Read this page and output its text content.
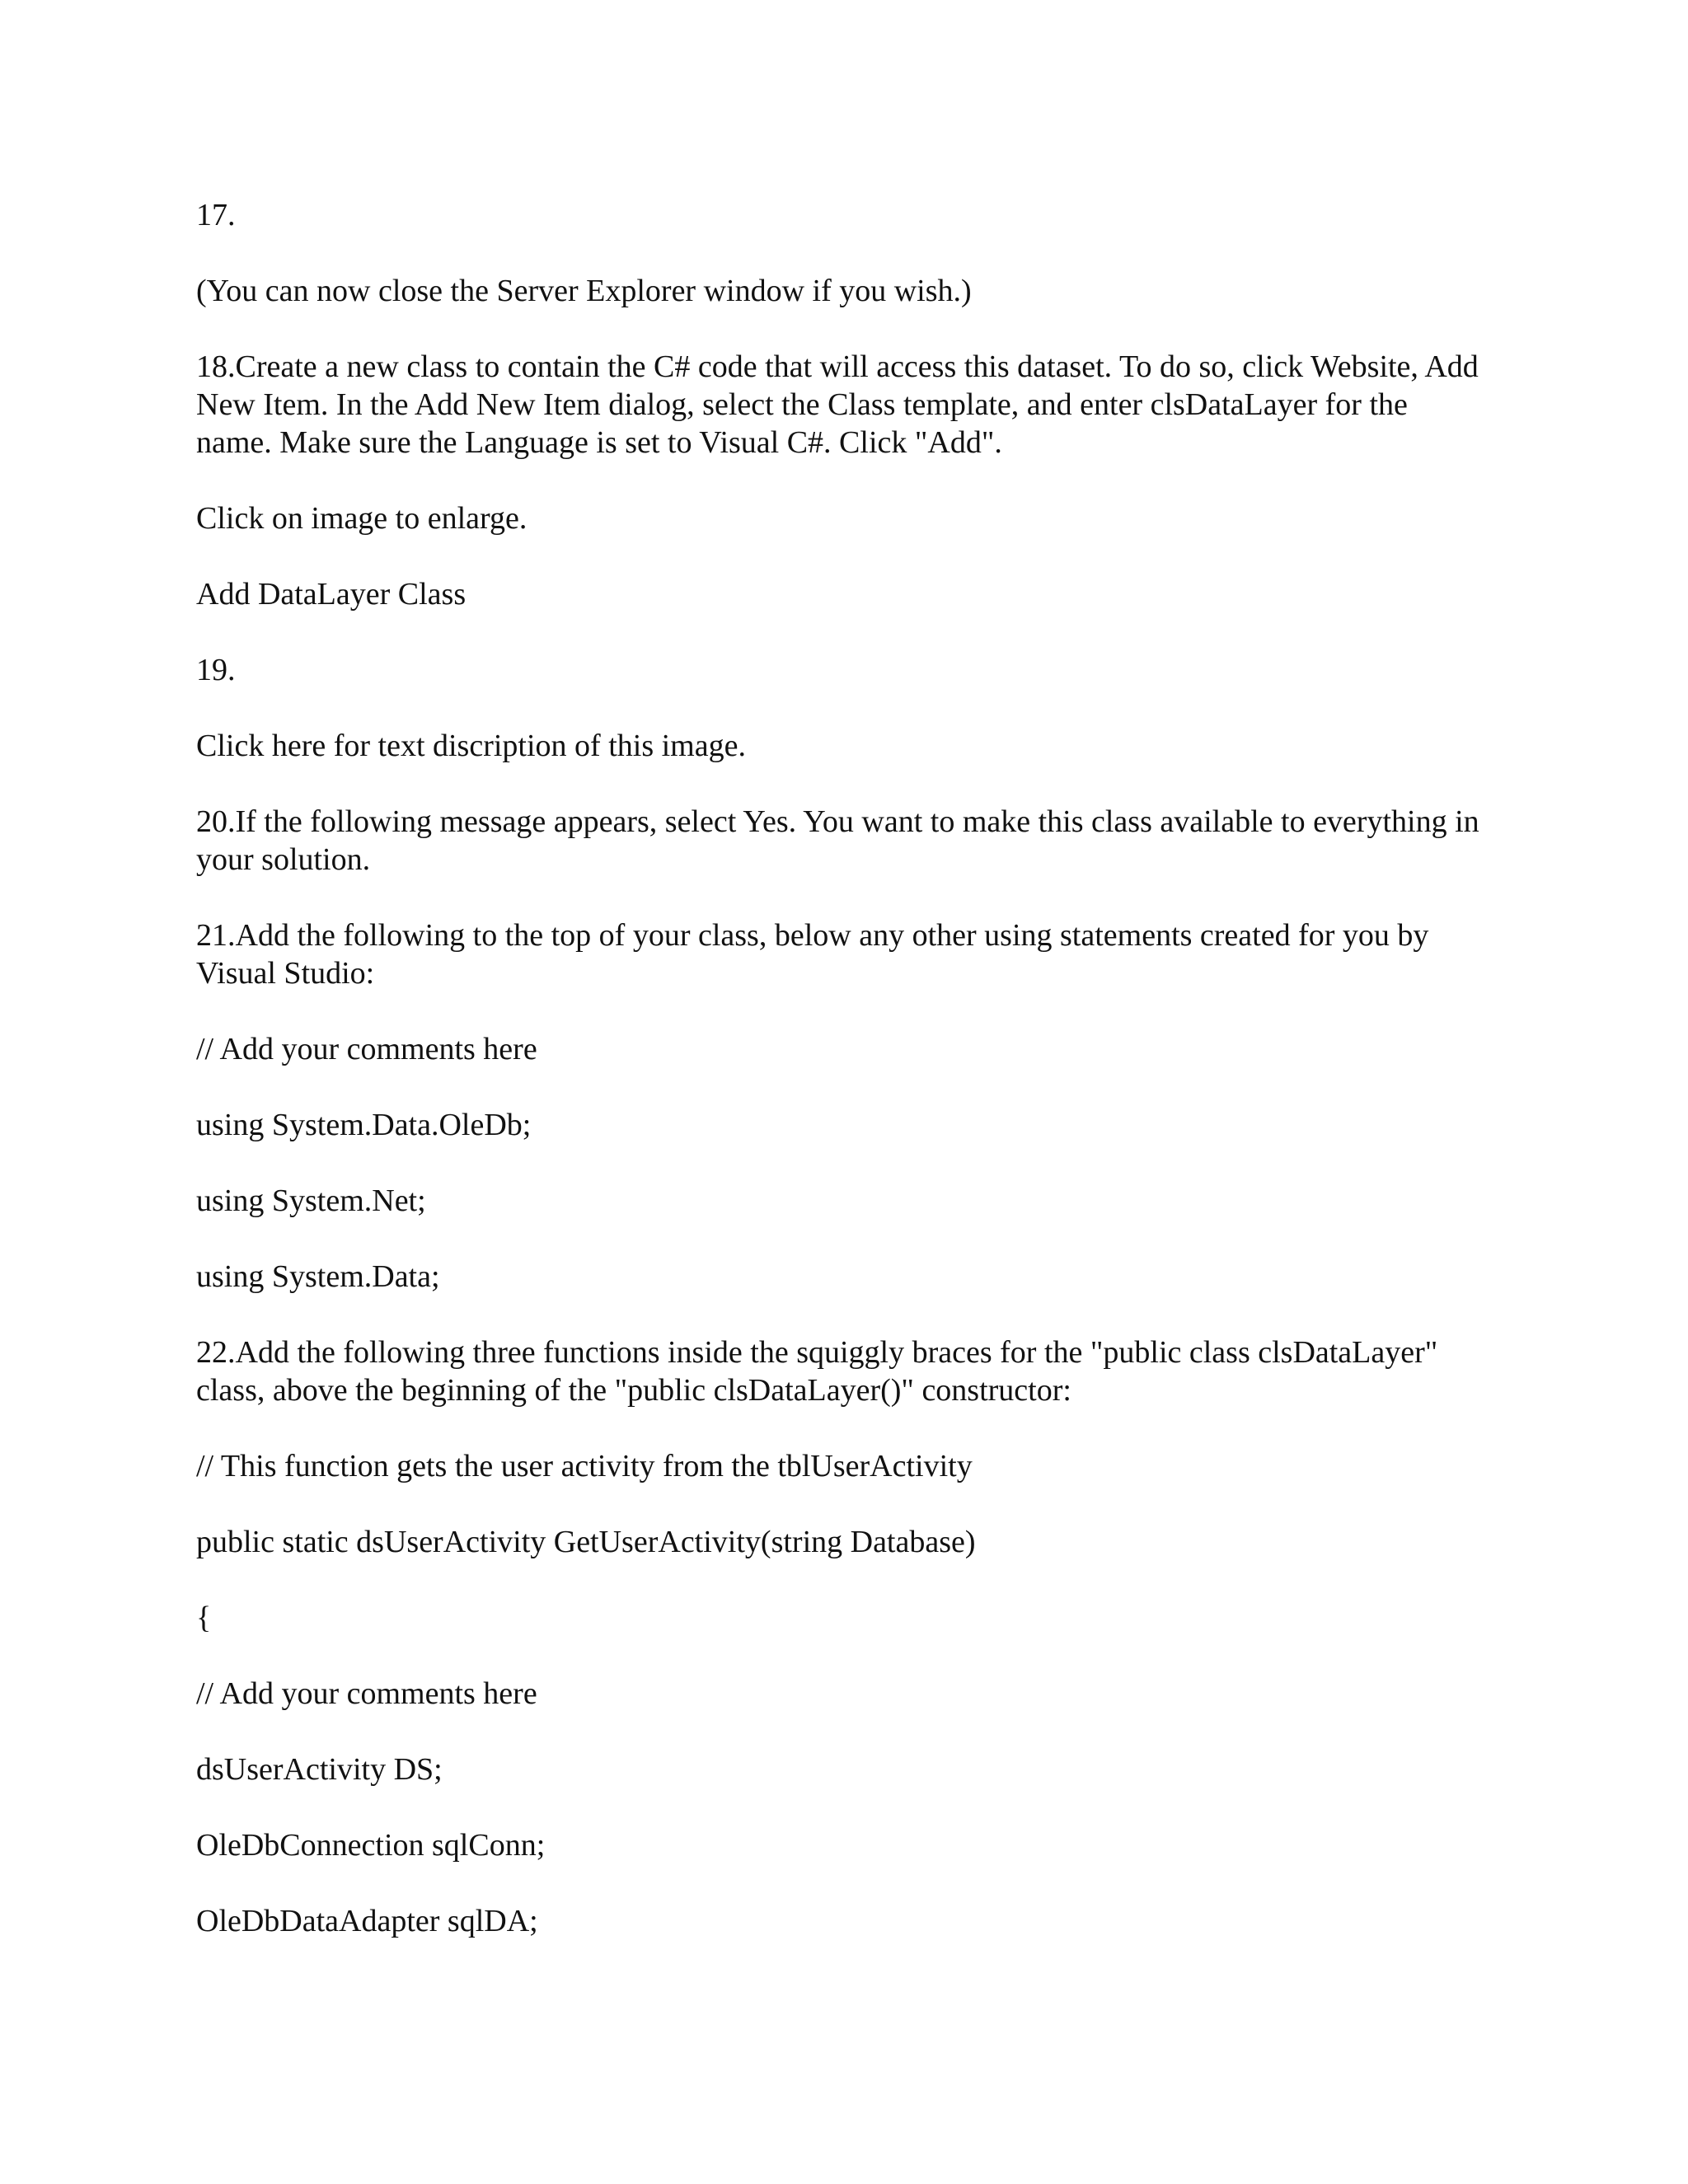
17.

(You can now close the Server Explorer window if you wish.)

18.Create a new class to contain the C# code that will access this dataset. To do so, click Website, Add New Item. In the Add New Item dialog, select the Class template, and enter clsDataLayer for the name. Make sure the Language is set to Visual C#. Click "Add".

Click on image to enlarge.

Add DataLayer Class

19.

Click here for text discription of this image.

20.If the following message appears, select Yes. You want to make this class available to everything in your solution.

21.Add the following to the top of your class, below any other using statements created for you by Visual Studio:

// Add your comments here

using System.Data.OleDb;

using System.Net;

using System.Data;

22.Add the following three functions inside the squiggly braces for the "public class clsDataLayer" class, above the beginning of the "public clsDataLayer()" constructor:

// This function gets the user activity from the tblUserActivity

public static dsUserActivity GetUserActivity(string Database)

{

// Add your comments here

dsUserActivity DS;

OleDbConnection sqlConn;

OleDbDataAdapter sqlDA;
